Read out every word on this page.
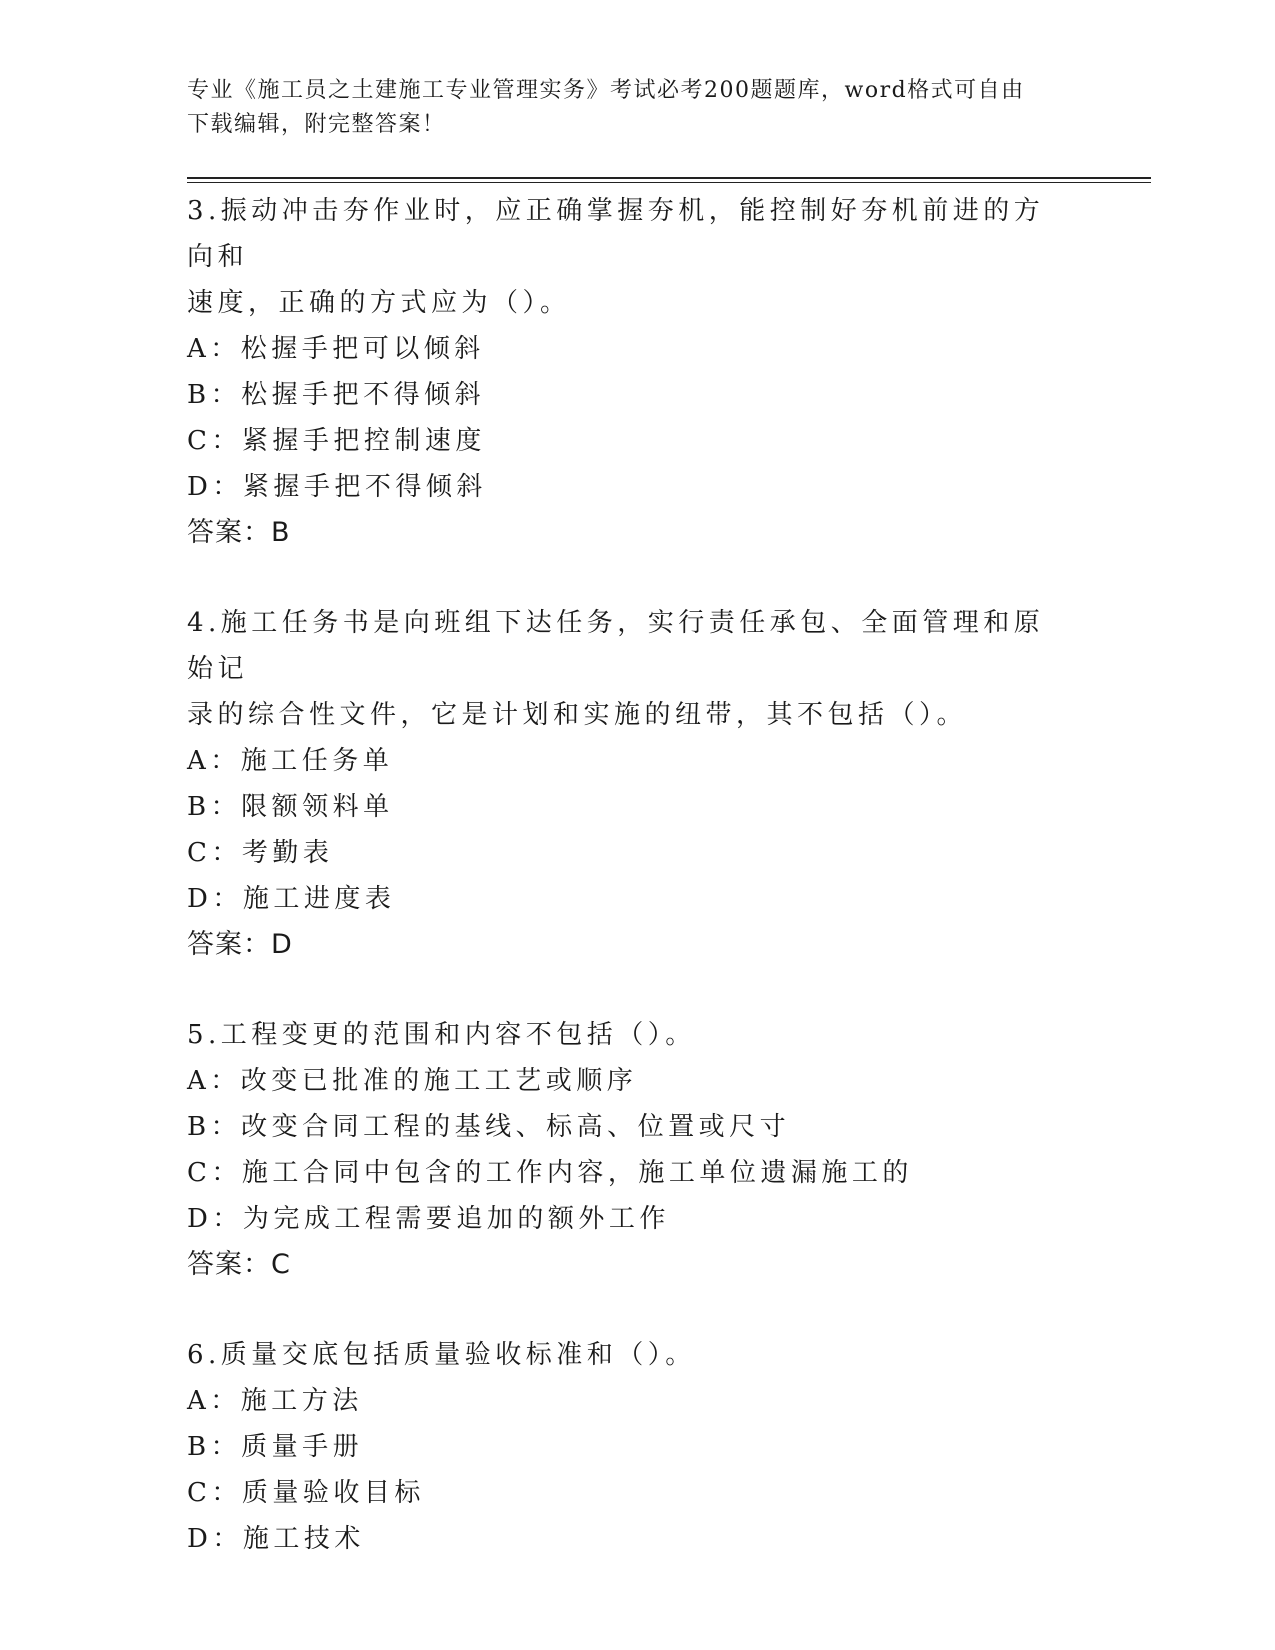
专业《施工员之土建施工专业管理实务》考试必考200题题库，word格式可自由
下载编辑，附完整答案！

3.振动冲击夯作业时，应正确掌握夯机，能控制好夯机前进的方向和

速度，正确的方式应为（）。

A：松握手把可以倾斜

B：松握手把不得倾斜

C：紧握手把控制速度

D：紧握手把不得倾斜

答案：B

4.施工任务书是向班组下达任务，实行责任承包、全面管理和原始记

录的综合性文件，它是计划和实施的纽带，其不包括（）。

A：施工任务单

B：限额领料单

C：考勤表

D：施工进度表

答案：D

5.工程变更的范围和内容不包括（）。

A：改变已批准的施工工艺或顺序

B：改变合同工程的基线、标高、位置或尺寸

C：施工合同中包含的工作内容，施工单位遗漏施工的

D：为完成工程需要追加的额外工作

答案：C

6.质量交底包括质量验收标准和（）。

A：施工方法

B：质量手册

C：质量验收目标

D：施工技术
